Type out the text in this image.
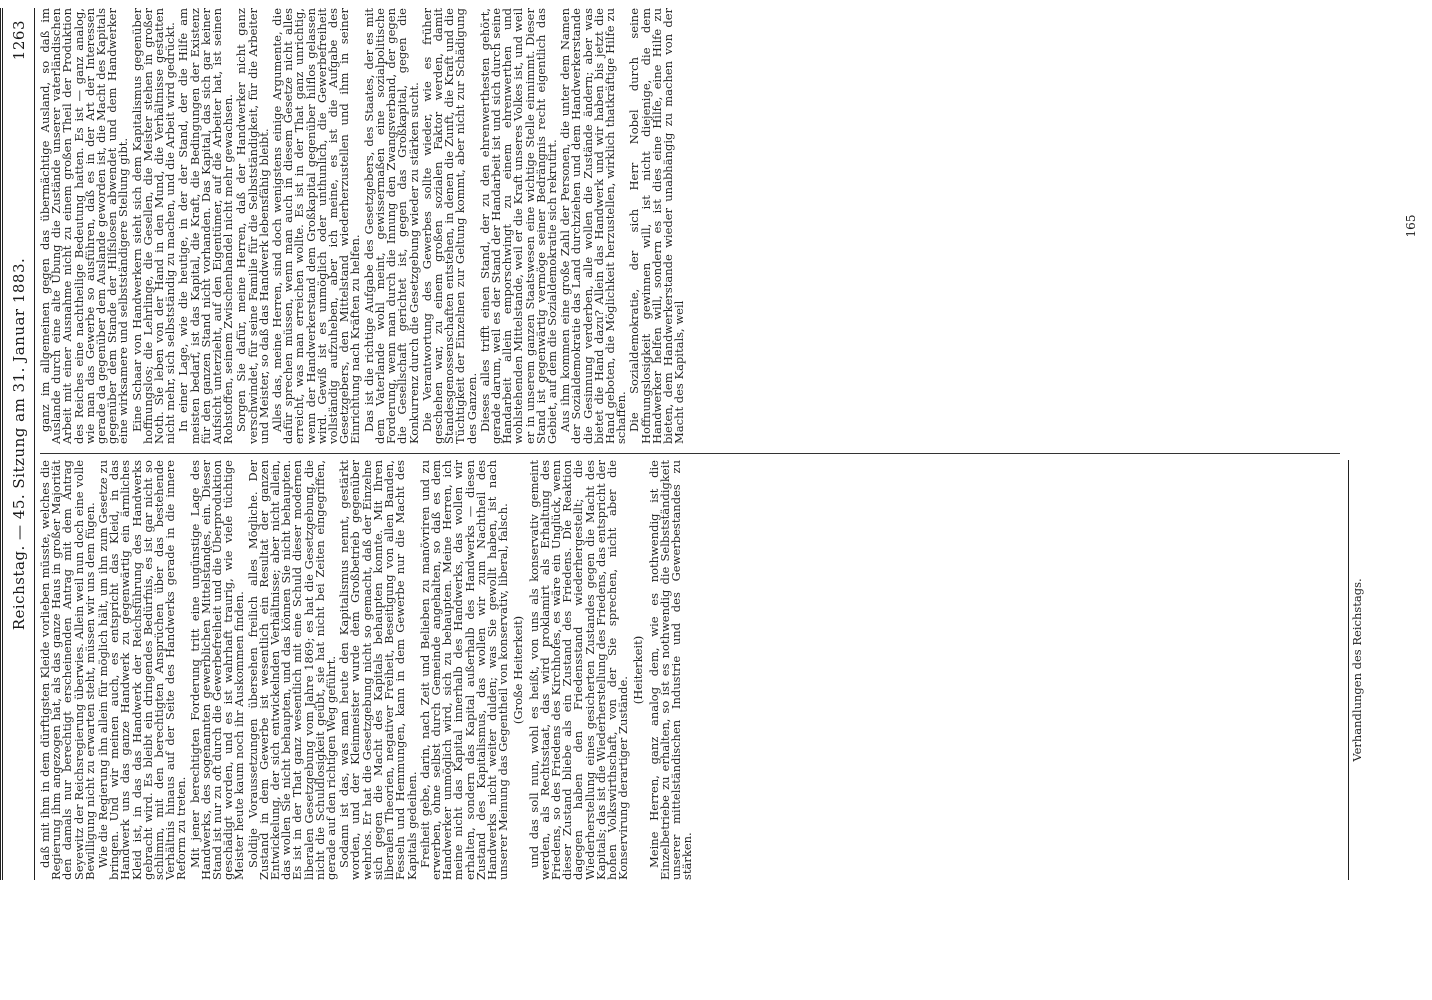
Reichstag. — 45. Sitzung am 31. Januar 1883.
1263

daß mit ihm in dem dürftigsten Kleide vorlieben müsste, welches die Regierung ihm angezogen hat, als das ganze Haus in großer Majorität den damals nur berechtigt erscheinenden Antrag mit dem Antrag Seyewitz der Reichsregierung überwies. Allein weil nun doch eine volle Bewilligung nicht zu erwarten steht, müssen wir uns dem fügen. Wie die Regierung ihn allein für möglich hält, um ihn zum Gesetze zu bringen. Und wir meinen auch, es entspricht das Kleid, in das Handwerk uns das ganze Handwerk zu gegenwärtig ein ärmliches Kleid ist, in das das Handwerk der Reichsführung des Handwerks gebracht wird. Es bleibt ein dringendes Bedürfnis, es ist gar nicht so schlimm, mit den berechtigten Ansprüchen über das bestehende Verhältnis hinaus auf der Seite des Handwerks gerade in die innere Reform zu treten. Mit jener berechtigten Forderung tritt eine ungünstige Lage des Handwerks, des sogenannten gewerblichen Mittelstandes, ein. Dieser Stand ist nur zu oft durch die Gewerbefreiheit und die Überproduktion geschädigt worden, und es ist wahrhaft traurig, wie viele tüchtige Meister heute kaum noch ihr Auskommen finden. Soldije Voraussetzungen übersehen freilich alles Mögliche. Der Zustand in dem Gewerbe ist wesentlich ein Resultat der ganzen Entwickelung, der sich entwickelnden Verhältnisse; aber nicht allein, das wollen Sie nicht behaupten, und das können Sie nicht behaupten. Es ist in der That ganz wesentlich mit eine Schuld dieser modernen liberalen Gesetzgebung vom Jahre 1869; es hat die Gesetzgebung, die nicht die Schuldlosigkeit geübt, sie hat nicht bei Zeiten eingegriffen, gerade auf den richtigen Weg geführt. Sodann ist das, was man heute den Kapitalismus nennt, gestärkt worden, und der Kleinmeister wurde dem Großbetrieb gegenüber wehrlos. Er hat die Gesetzgebung nicht so gemacht, daß der Einzelne sich gegen die Macht des Kapitals behaupten konnte. Mit Ihren liberalen Theorien, negativer Freiheit, Beseitigung von allen Banden, Fesseln und Hemmungen, kann in dem Gewerbe nur die Macht des Kapitals gedeihen. Freiheit gebe, darin, nach Zeit und Belieben zu manövriren und zu erwerben, ohne selbst durch Gemeinde angehalten, so daß es dem Handwerker unmöglich wird, sich zu behaupten. Meine Herren, ich meine nicht das Kapital innerhalb des Handwerks, das wollen wir erhalten, sondern das Kapital außerhalb des Handwerks — diesen Zustand des Kapitalismus, das wollen wir zum Nachtheil des Handwerks nicht weiter dulden; was Sie gewollt haben, ist nach unserer Meinung das Gegentheil von konservativ, liberal, falsch. (Große Heiterkeit) und das soll nun, wohl es heißt, von uns als konservativ gemeint werden, als Rechtsstaat, das wird proklamirt als Erhaltung des Friedens, so des Friedens des Kirchhofes, es wäre ein Unglück, wenn dieser Zustand bliebe als ein Zustand des Friedens. Die Reaktion dagegen haben den Friedensstand wiederhergestellt; die Wiederherstellung eines gesicherten Zustandes gegen die Macht des Kapitals; das ist die Wiederherstellung des Friedens, das entspricht der hohen Volkswirthschaft, von der Sie sprechen, nicht aber die Konservirung derartiger Zustände.

(Heiterkeit) Meine Herren, ganz analog dem, wie es nothwendig ist die Einzelbetriebe zu erhalten, so ist es nothwendig die Selbstständigkeit unserer mittelständischen Industrie und des Gewerbestandes zu stärken.

Verhandlungen des Reichstags.

ganz im allgemeinen gegen das übermächtige Ausland, so daß im Auslande durch eine alte Übung die Zustände unserer vaterländischen Arbeit mit einer Ausnahme nicht zu einem großen Theil der Produktion des Reiches eine nachtheilige Bedeutung hatten. Es ist — ganz analog, wie man das Gewerbe so ausführen, daß es in der Art der Interessen gerade da gegenüber dem Auslande geworden ist, die Macht des Kapitals gegenüber dem Stande der Hilfslosen abwendet und dem Handwerker eine wirksamere und selbstständigere Stellung gibt. Eine Schaar von Handwerkern sieht sich dem Kapitalismus gegenüber hoffnungslos; die Lehrlinge, die Gesellen, die Meister stehen in großer Noth. Sie leben von der Hand in den Mund, die Verhältnisse gestatten nicht mehr, sich selbstständig zu machen, und die Arbeit wird gedrückt. In einer Lage, wie die heutige, in der der Stand, der die Hilfe am meisten bedarf, ist das Kapital, die Kraft, die Bedingungen der Existenz für den ganzen Stand nicht vorhanden. Das Kapital, das sich gar keiner Aufsicht unterzieht, auf den Eigentümer, auf die Arbeiter hat, ist seinen Rohstoffen, seinem Zwischenhandel nicht mehr gewachsen. Sorgen Sie dafür, meine Herren, daß der Handwerker nicht ganz verschwindet, für seine Familie für die Selbstständigkeit, für die Arbeiter und Meister, so daß das Handwerk lebensfähig bleibt. Alles das, meine Herren, sind doch wenigstens einige Argumente, die dafür sprechen müssen, wenn man auch in diesem Gesetze nicht alles erreicht, was man erreichen wollte. Es ist in der That ganz unrichtig, wenn der Handwerkerstand dem Großkapital gegenüber hilflos gelassen wird. Gewiß ist es unmöglich oder unthunlich, die Gewerbefreiheit vollständig aufzuheben, aber ich meine, es ist die Aufgabe des Gesetzgebers, den Mittelstand wiederherzustellen und ihm in seiner Einrichtung nach Kräften zu helfen. Das ist die richtige Aufgabe des Gesetzgebers, des Staates, der es mit dem Vaterlande wohl meint, gewissermaßen eine sozialpolitische Forderung, wenn man durch die Innung den Zwangsverband, der gegen die Gesellschaft gerichtet ist, gegen das Großkapital, gegen die Konkurrenz durch die Gesetzgebung wieder zu stärken sucht. Die Verantwortung des Gewerbes sollte wieder, wie es früher geschehen war, zu einem großen sozialen Faktor werden, damit Standesgenossenschaften entstehen, in denen die Zunft, die Kraft und die Tüchtigkeit der Einzelnen zur Geltung kommt, aber nicht zur Schädigung des Ganzen. Dieses alles trifft einen Stand, der zu den ehrenwerthesten gehört, gerade darum, weil es der Stand der Handarbeit ist und sich durch seine Handarbeit allein emporschwingt zu einem ehrenwerthen und wohlstehenden Mittelstande, weil er die Kraft unseres Volkes ist, und weil er in unserem ganzen Staatswesen eine wichtige Stelle einnimmt. Dieser Stand ist gegenwärtig vermöge seiner Bedrängnis recht eigentlich das Gebiet, auf dem die Sozialdemokratie sich rekrutirt. Aus ihm kommen eine große Zahl der Personen, die unter dem Namen der Sozialdemokratie das Land durchziehen und dem Handwerkerstande die Gesinnung verderben, alle wollen die Zustände ändern; aber was bietet die Hand dazu? Allein das Handwerk und wir haben bis jetzt die Hand geboten, die Möglichkeit herzustellen, wirklich thatkräftige Hilfe zu schaffen. Die Sozialdemokratie, der sich Herr Nobel durch seine Hoffnungslosigkeit gewinnen will, ist nicht diejenige, die dem Handwerker helfen will, sondern es ist dies eine Hilfe, eine Hilfe zu bieten, dem Handwerkerstande wieder unabhängig zu machen von der Macht des Kapitals, weil

165
